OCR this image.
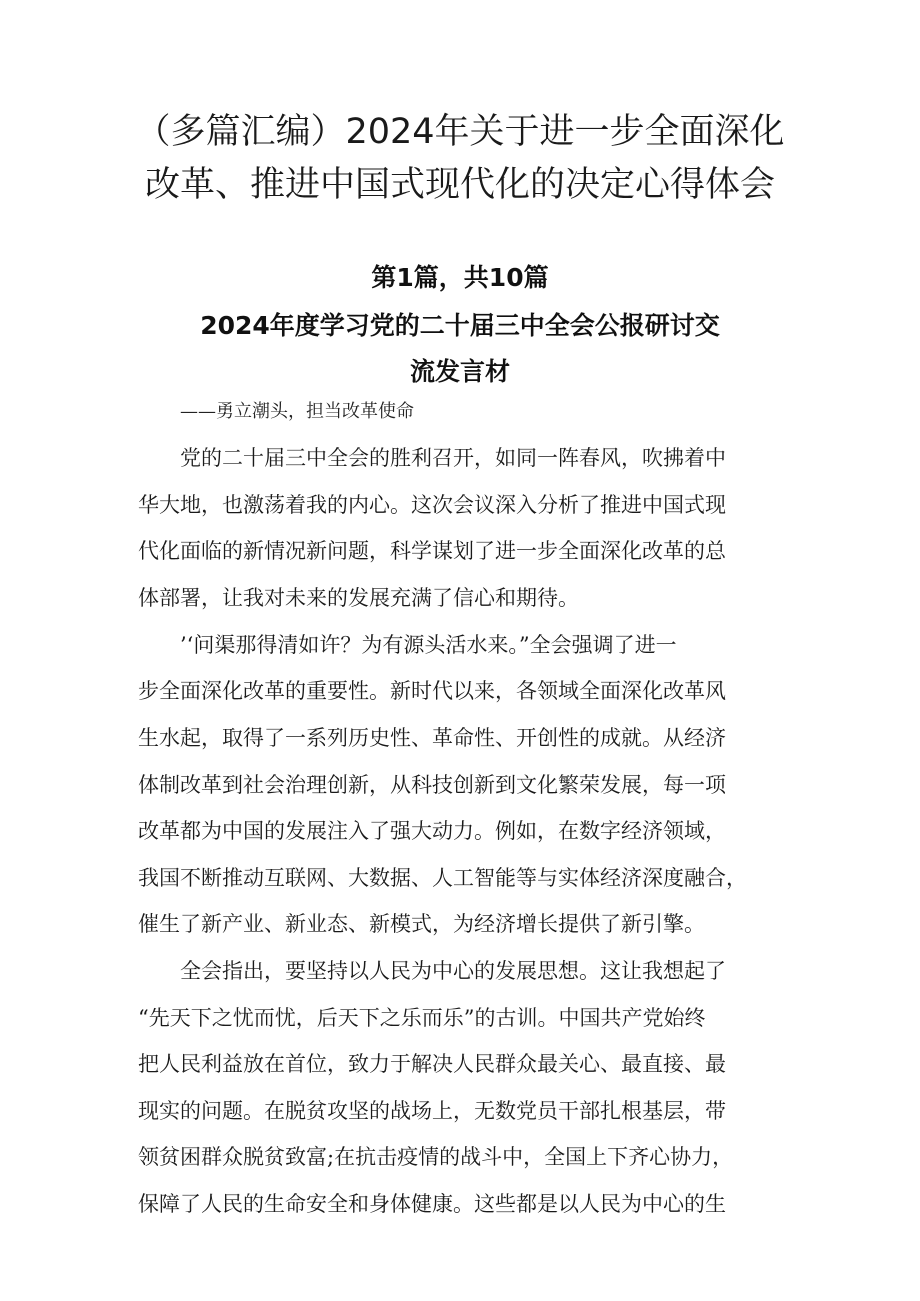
（多篇汇编）2024年关于进一步全面深化
改革、推进中国式现代化的决定心得体会
第1篇，共10篇
2024年度学习党的二十届三中全会公报研讨交
流发言材
——勇立潮头，担当改革使命
党的二十届三中全会的胜利召开，如同一阵春风，吹拂着中
华大地，也激荡着我的内心。这次会议深入分析了推进中国式现
代化面临的新情况新问题，科学谋划了进一步全面深化改革的总
体部署，让我对未来的发展充满了信心和期待。
’‘问渠那得清如许？为有源头活水来。”全会强调了进一
步全面深化改革的重要性。新时代以来，各领域全面深化改革风
生水起，取得了一系列历史性、革命性、开创性的成就。从经济
体制改革到社会治理创新，从科技创新到文化繁荣发展，每一项
改革都为中国的发展注入了强大动力。例如，在数字经济领域，
我国不断推动互联网、大数据、人工智能等与实体经济深度融合，
催生了新产业、新业态、新模式，为经济增长提供了新引擎。
全会指出，要坚持以人民为中心的发展思想。这让我想起了
“先天下之忧而忧，后天下之乐而乐”的古训。中国共产党始终
把人民利益放在首位，致力于解决人民群众最关心、最直接、最
现实的问题。在脱贫攻坚的战场上，无数党员干部扎根基层，带
领贫困群众脱贫致富;在抗击疫情的战斗中，全国上下齐心协力，
保障了人民的生命安全和身体健康。这些都是以人民为中心的生
